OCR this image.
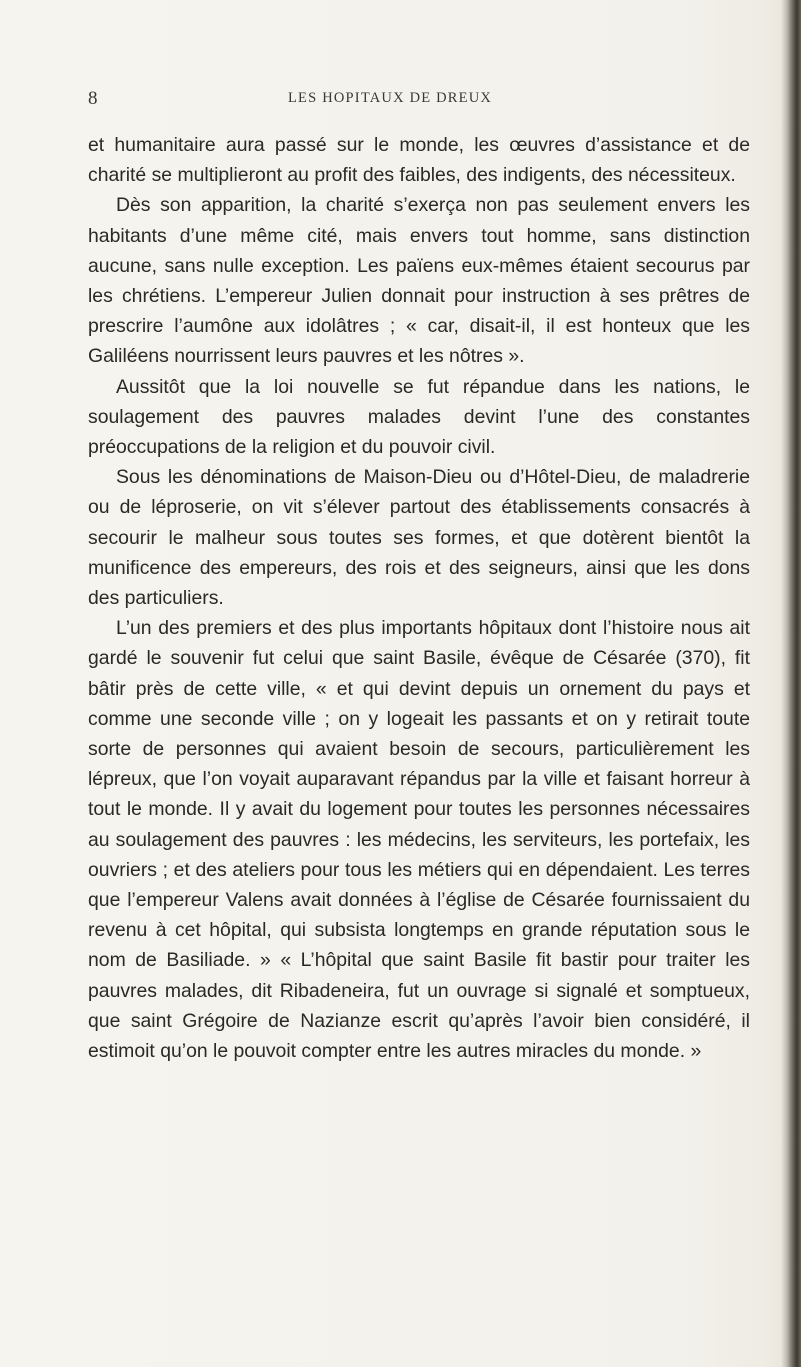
8	LES HOPITAUX DE DREUX

et humanitaire aura passé sur le monde, les œuvres d’assistance et de charité se multiplieront au profit des faibles, des indigents, des nécessiteux.

Dès son apparition, la charité s’exerça non pas seulement envers les habitants d’une même cité, mais envers tout homme, sans distinction aucune, sans nulle exception. Les païens eux-mêmes étaient secourus par les chrétiens. L’empereur Julien donnait pour instruction à ses prêtres de prescrire l’aumône aux idolâtres ; « car, disait-il, il est honteux que les Galiléens nourrissent leurs pauvres et les nôtres ».

Aussitôt que la loi nouvelle se fut répandue dans les nations, le soulagement des pauvres malades devint l’une des constantes préoccupations de la religion et du pouvoir civil.

Sous les dénominations de Maison-Dieu ou d’Hôtel-Dieu, de maladrerie ou de léproserie, on vit s’élever partout des établissements consacrés à secourir le malheur sous toutes ses formes, et que dotèrent bientôt la munificence des empereurs, des rois et des seigneurs, ainsi que les dons des particuliers.

L’un des premiers et des plus importants hôpitaux dont l’histoire nous ait gardé le souvenir fut celui que saint Basile, évêque de Césarée (370), fit bâtir près de cette ville, « et qui devint depuis un ornement du pays et comme une seconde ville ; on y logeait les passants et on y retirait toute sorte de personnes qui avaient besoin de secours, particulièrement les lépreux, que l’on voyait auparavant répandus par la ville et faisant horreur à tout le monde. Il y avait du logement pour toutes les personnes nécessaires au soulagement des pauvres : les médecins, les serviteurs, les portefaix, les ouvriers ; et des ateliers pour tous les métiers qui en dépendaient. Les terres que l’empereur Valens avait données à l’église de Césarée fournissaient du revenu à cet hôpital, qui subsista longtemps en grande réputation sous le nom de Basiliade. » « L’hôpital que saint Basile fit bastir pour traiter les pauvres malades, dit Ribadeneira, fut un ouvrage si signalé et somptueux, que saint Grégoire de Nazianze escrit qu’après l’avoir bien considéré, il estimoit qu’on le pouvoit compter entre les autres miracles du monde. »
